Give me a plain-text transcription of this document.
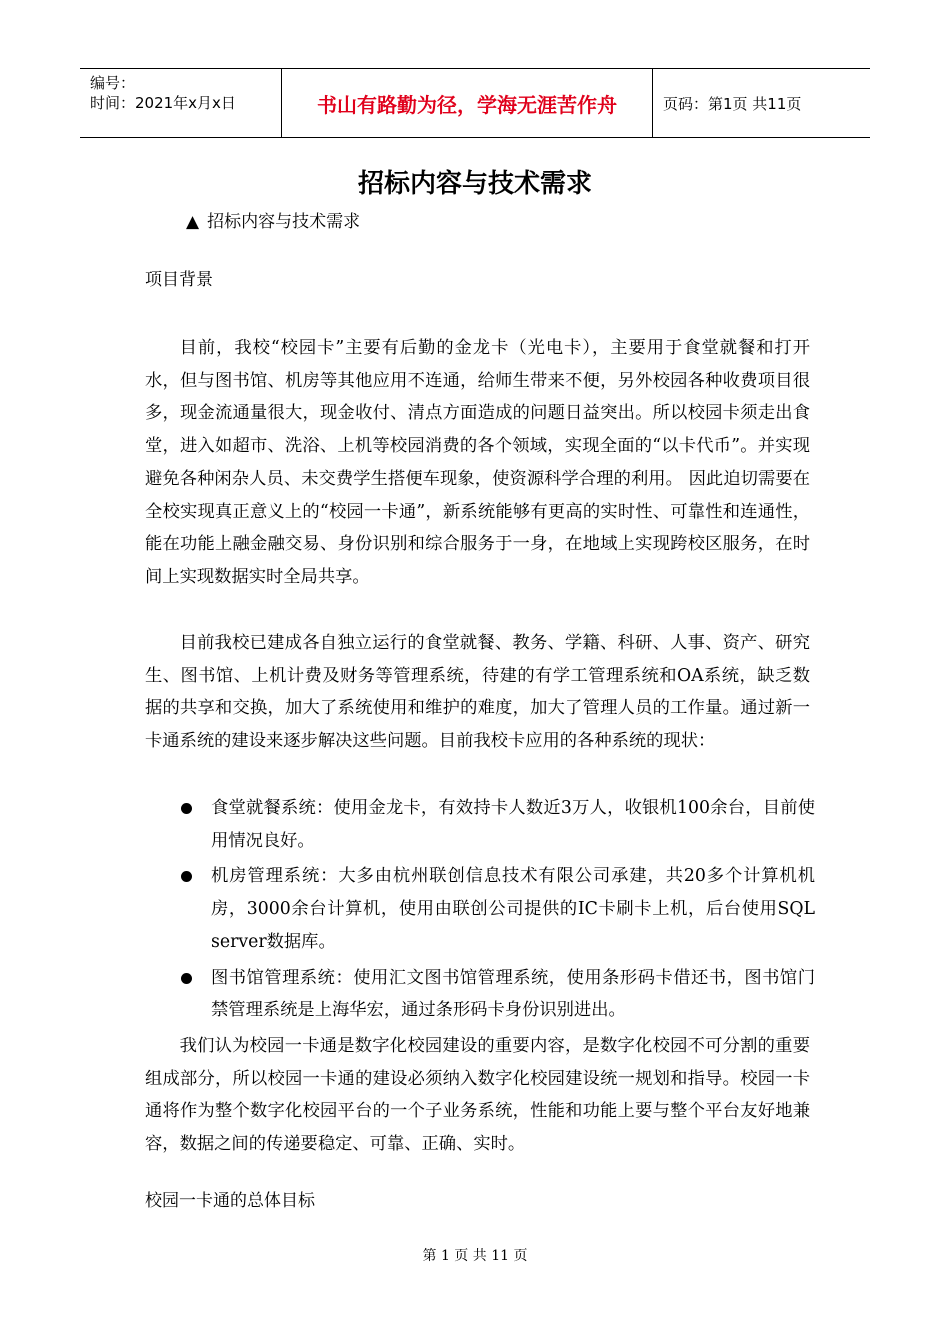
编号：
时间：2021年x月x日	书山有路勤为径，学海无涯苦作舟	页码：第1页 共11页
招标内容与技术需求
▲ 招标内容与技术需求
项目背景
目前，我校“校园卡”主要有后勤的金龙卡（光电卡），主要用于食堂就餐和打开水，但与图书馆、机房等其他应用不连通，给师生带来不便，另外校园各种收费项目很多，现金流通量很大，现金收付、清点方面造成的问题日益突出。所以校园卡须走出食堂，进入如超市、洗浴、上机等校园消费的各个领域，实现全面的“以卡代币”。并实现避免各种闲杂人员、未交费学生搭便车现象，使资源科学合理的利用。 因此迫切需要在全校实现真正意义上的“校园一卡通”，新系统能够有更高的实时性、可靠性和连通性，能在功能上融金融交易、身份识别和综合服务于一身，在地域上实现跨校区服务，在时间上实现数据实时全局共享。
目前我校已建成各自独立运行的食堂就餐、教务、学籍、科研、人事、资产、研究生、图书馆、上机计费及财务等管理系统，待建的有学工管理系统和OA系统，缺乏数据的共享和交换，加大了系统使用和维护的难度，加大了管理人员的工作量。通过新一卡通系统的建设来逐步解决这些问题。目前我校卡应用的各种系统的现状：
食堂就餐系统：使用金龙卡，有效持卡人数近3万人，收银机100余台，目前使用情况良好。
机房管理系统：大多由杭州联创信息技术有限公司承建，共20多个计算机机房，3000余台计算机，使用由联创公司提供的IC卡刷卡上机，后台使用SQL server数据库。
图书馆管理系统：使用汇文图书馆管理系统，使用条形码卡借还书，图书馆门禁管理系统是上海华宏，通过条形码卡身份识别进出。
我们认为校园一卡通是数字化校园建设的重要内容，是数字化校园不可分割的重要组成部分，所以校园一卡通的建设必须纳入数字化校园建设统一规划和指导。校园一卡通将作为整个数字化校园平台的一个子业务系统，性能和功能上要与整个平台友好地兼容，数据之间的传递要稳定、可靠、正确、实时。
校园一卡通的总体目标
第 1 页 共 11 页
